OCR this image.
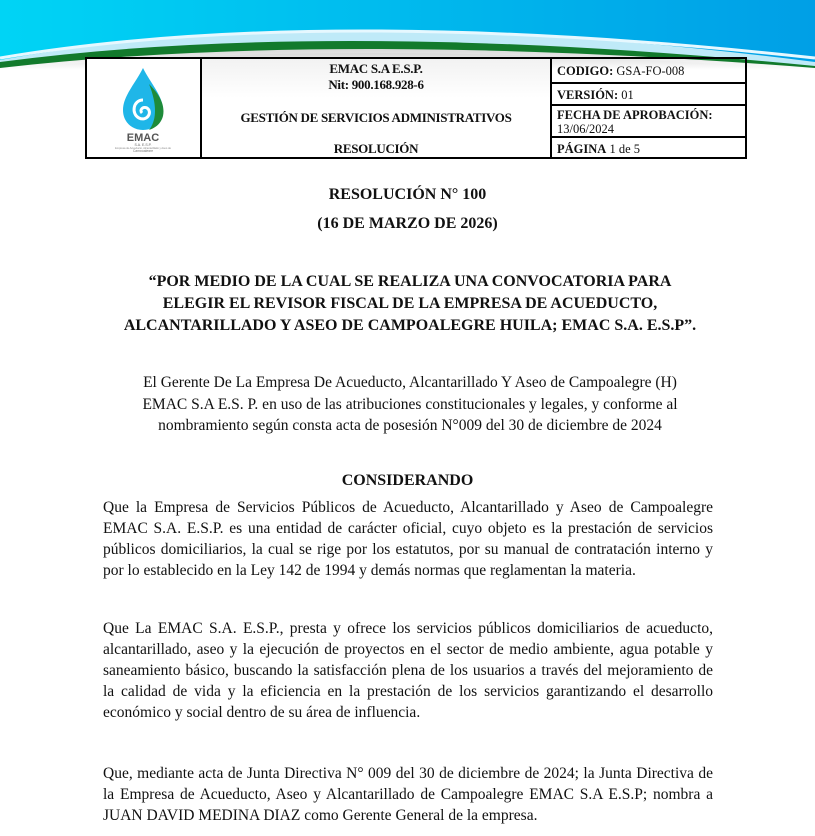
EMAC
S.A. E.S.P.
Empresa de Acueducto, Alcantarillado y Aseo de
Campoalegre
EMAC S.A E.S.P.
Nit: 900.168.928-6
GESTIÓN DE SERVICIOS ADMINISTRATIVOS
RESOLUCIÓN
CODIGO: GSA-FO-008
VERSIÓN: 01
FECHA DE APROBACIÓN:
13/06/2024
PÁGINA 1 de 5
RESOLUCIÓN N° 100
(16 DE MARZO DE 2026)
“POR MEDIO DE LA CUAL SE REALIZA UNA CONVOCATORIA PARA
ELEGIR EL REVISOR FISCAL DE LA EMPRESA DE ACUEDUCTO,
ALCANTARILLADO Y ASEO DE CAMPOALEGRE HUILA; EMAC S.A. E.S.P”.
El Gerente De La Empresa De Acueducto, Alcantarillado Y Aseo de Campoalegre (H)
EMAC S.A E.S. P. en uso de las atribuciones constitucionales y legales, y conforme al
nombramiento según consta acta de posesión N°009 del 30 de diciembre de 2024
CONSIDERANDO

Que la Empresa de Servicios Públicos de Acueducto, Alcantarillado y Aseo de Campoalegre EMAC S.A. E.S.P. es una entidad de carácter oficial, cuyo objeto es la prestación de servicios públicos domiciliarios, la cual se rige por los estatutos, por su manual de contratación interno y por lo establecido en la Ley 142 de 1994 y demás normas que reglamentan la materia.

Que La EMAC S.A. E.S.P., presta y ofrece los servicios públicos domiciliarios de acueducto, alcantarillado, aseo y la ejecución de proyectos en el sector de medio ambiente, agua potable y saneamiento básico, buscando la satisfacción plena de los usuarios a través del mejoramiento de la calidad de vida y la eficiencia en la prestación de los servicios garantizando el desarrollo económico y social dentro de su área de influencia.

Que, mediante acta de Junta Directiva N° 009 del 30 de diciembre de 2024; la Junta Directiva de la Empresa de Acueducto, Aseo y Alcantarillado de Campoalegre EMAC S.A E.S.P; nombra a JUAN DAVID MEDINA DIAZ como Gerente General de la empresa.
